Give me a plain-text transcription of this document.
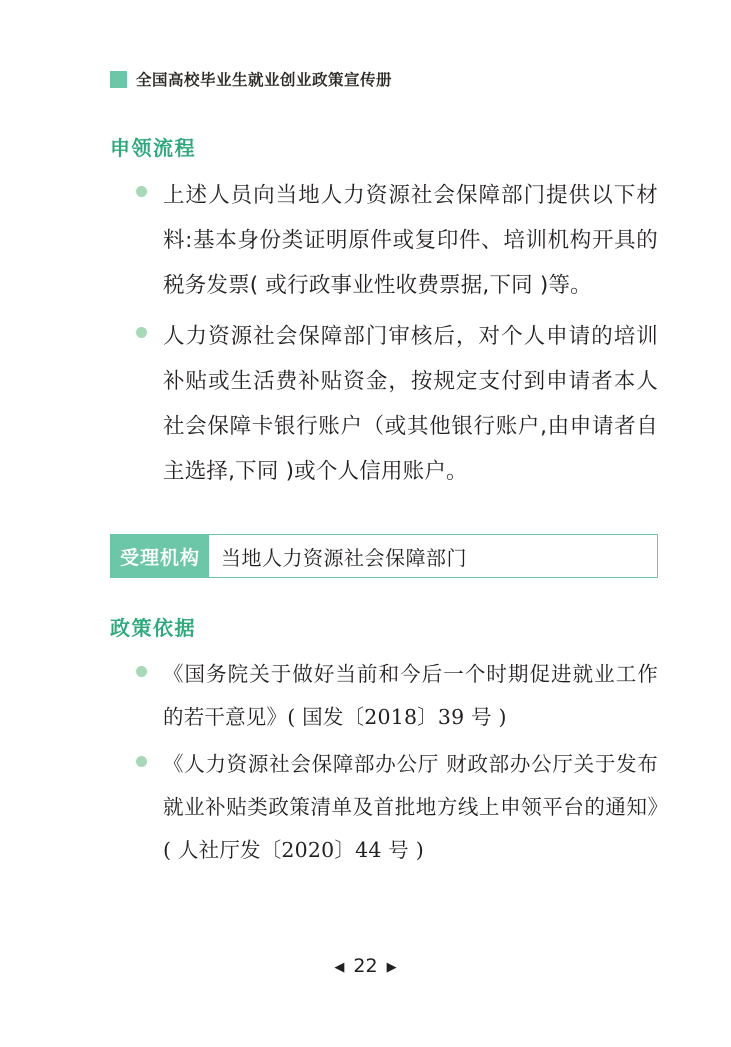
全国高校毕业生就业创业政策宣传册
申领流程
上述人员向当地人力资源社会保障部门提供以下材料:基本身份类证明原件或复印件、培训机构开具的税务发票( 或行政事业性收费票据,下同 )等。
人力资源社会保障部门审核后，对个人申请的培训补贴或生活费补贴资金，按规定支付到申请者本人社会保障卡银行账户（或其他银行账户,由申请者自主选择,下同 )或个人信用账户。
受理机构	当地人力资源社会保障部门
政策依据
《国务院关于做好当前和今后一个时期促进就业工作的若干意见》( 国发〔2018〕39 号 )
《人力资源社会保障部办公厅 财政部办公厅关于发布就业补贴类政策清单及首批地方线上申领平台的通知》( 人社厅发〔2020〕44 号 )
◀ 22 ▶
